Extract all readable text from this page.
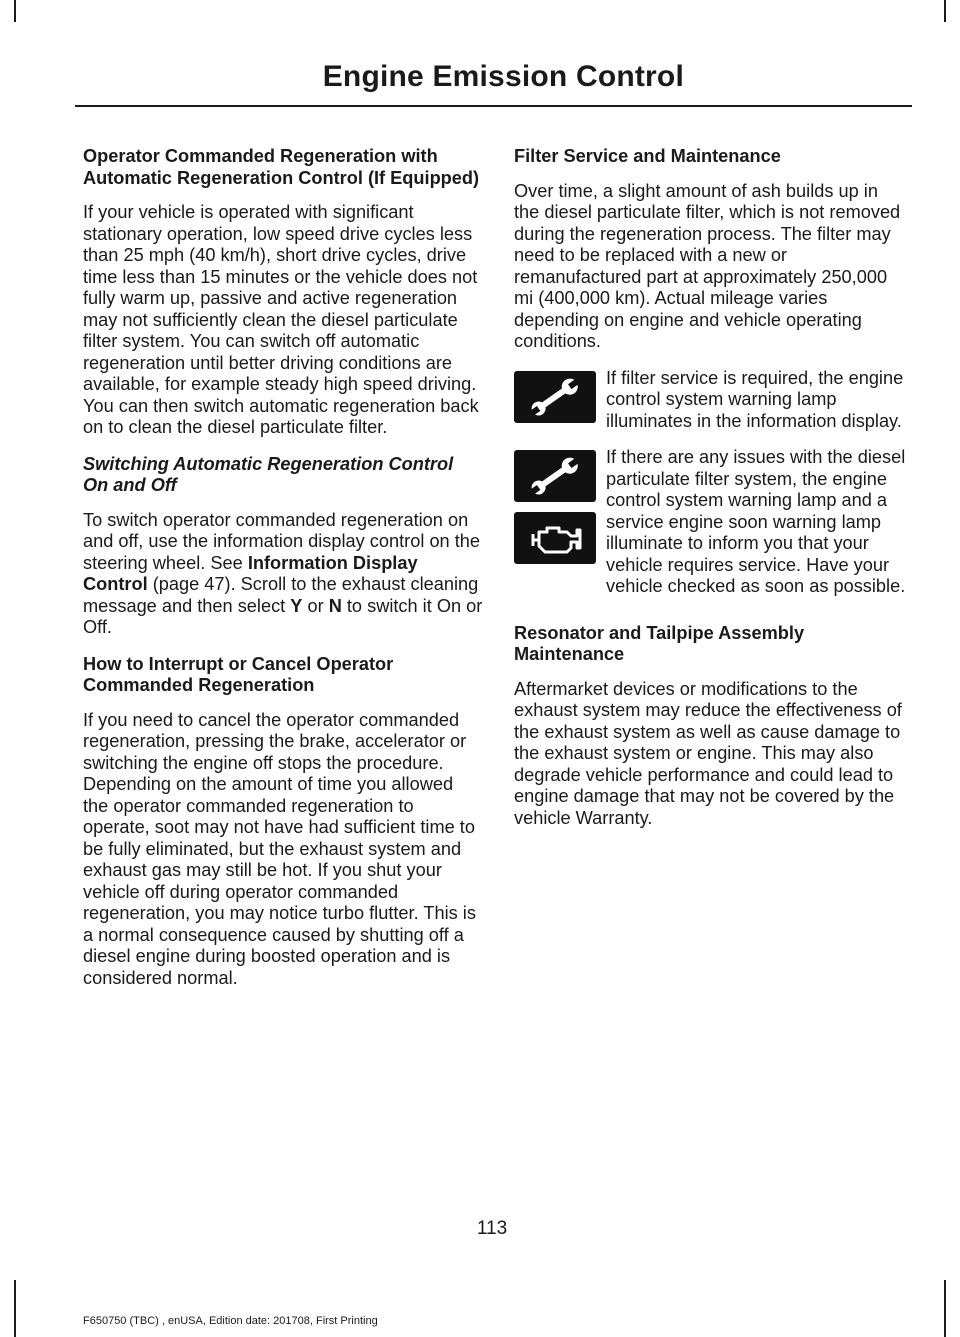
Engine Emission Control
Operator Commanded Regeneration with Automatic Regeneration Control (If Equipped)

If your vehicle is operated with significant stationary operation, low speed drive cycles less than 25 mph (40 km/h), short drive cycles, drive time less than 15 minutes or the vehicle does not fully warm up, passive and active regeneration may not sufficiently clean the diesel particulate filter system. You can switch off automatic regeneration until better driving conditions are available, for example steady high speed driving. You can then switch automatic regeneration back on to clean the diesel particulate filter.

Switching Automatic Regeneration Control On and Off

To switch operator commanded regeneration on and off, use the information display control on the steering wheel. See Information Display Control (page 47). Scroll to the exhaust cleaning message and then select Y or N to switch it On or Off.

How to Interrupt or Cancel Operator Commanded Regeneration

If you need to cancel the operator commanded regeneration, pressing the brake, accelerator or switching the engine off stops the procedure. Depending on the amount of time you allowed the operator commanded regeneration to operate, soot may not have had sufficient time to be fully eliminated, but the exhaust system and exhaust gas may still be hot. If you shut your vehicle off during operator commanded regeneration, you may notice turbo flutter. This is a normal consequence caused by shutting off a diesel engine during boosted operation and is considered normal.

Filter Service and Maintenance

Over time, a slight amount of ash builds up in the diesel particulate filter, which is not removed during the regeneration process. The filter may need to be replaced with a new or remanufactured part at approximately 250,000 mi (400,000 km). Actual mileage varies depending on engine and vehicle operating conditions.

If filter service is required, the engine control system warning lamp illuminates in the information display.

If there are any issues with the diesel particulate filter system, the engine control system warning lamp and a service engine soon warning lamp illuminate to inform you that your vehicle requires service. Have your vehicle checked as soon as possible.

Resonator and Tailpipe Assembly Maintenance

Aftermarket devices or modifications to the exhaust system may reduce the effectiveness of the exhaust system as well as cause damage to the exhaust system or engine. This may also degrade vehicle performance and could lead to engine damage that may not be covered by the vehicle Warranty.

113
F650750 (TBC) , enUSA, Edition date: 201708, First Printing
